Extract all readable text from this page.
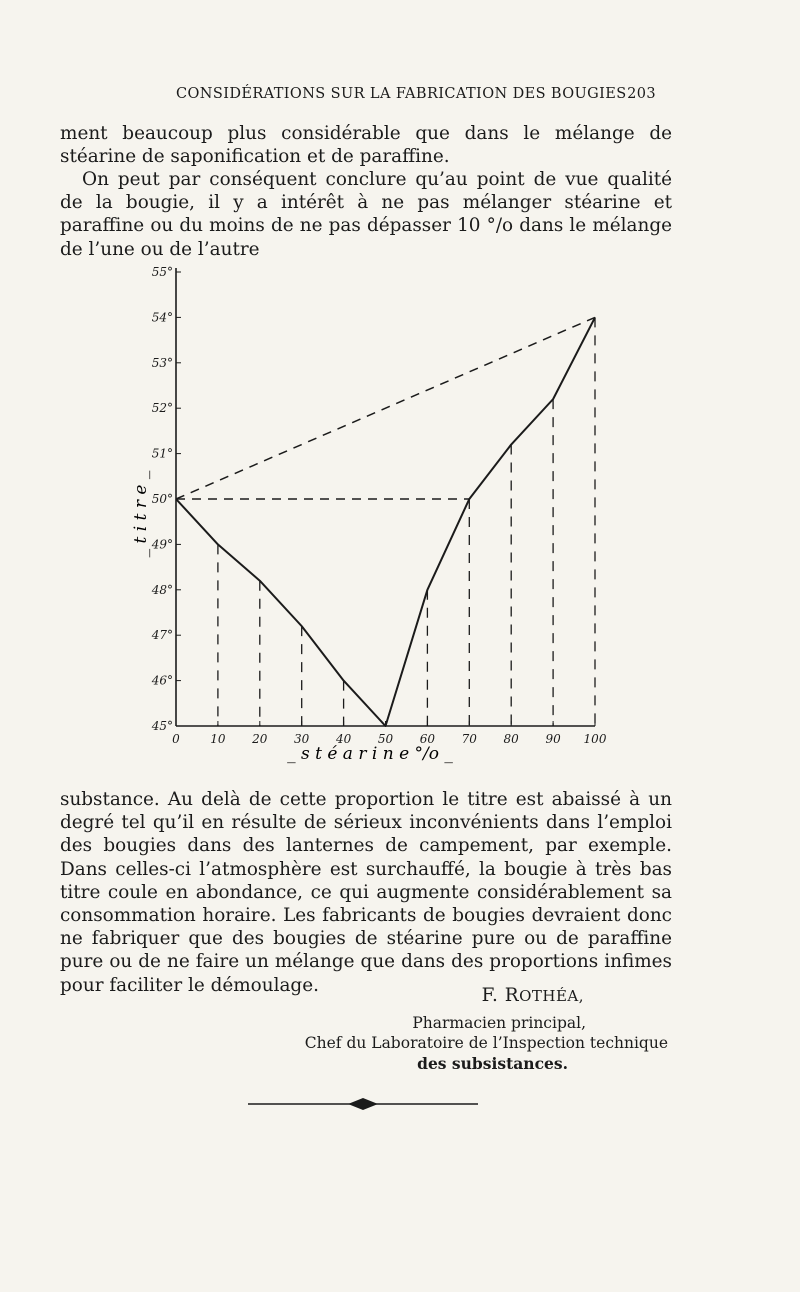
CONSIDÉRATIONS SUR LA FABRICATION DES BOUGIES 203

ment beaucoup plus considérable que dans le mélange de stéarine de saponification et de paraffine.

On peut par conséquent conclure qu’au point de vue qualité de la bougie, il y a intérêt à ne pas mélanger stéarine et paraffine ou du moins de ne pas dépasser 10 °/o dans le mélange de l’une ou de l’autre

0	10 20 30 40 50 60 70 80 90 100
45°
46°
47°
48°
49°
50°
51°
52°
53°
54°
55°
_ s t é a r i n e °/o _
_ t i t r e _

substance. Au delà de cette proportion le titre est abaissé à un degré tel qu’il en résulte de sérieux inconvénients dans l’emploi des bougies dans des lanternes de campement, par exemple. Dans celles-ci l’atmosphère est surchauffé, la bougie à très bas titre coule en abondance, ce qui augmente considérablement sa consommation horaire. Les fabricants de bougies devraient donc ne fabriquer que des bougies de stéarine pure ou de paraffine pure ou de ne faire un mélange que dans des proportions infimes pour faciliter le démoulage.	F. ROTHÉA,

Pharmacien principal,

Chef du Laboratoire de l’Inspection technique

des subsistances.
